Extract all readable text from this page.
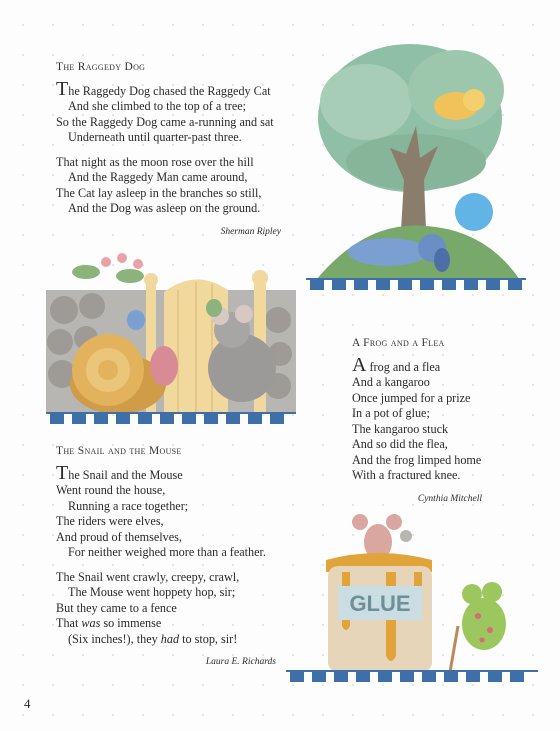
The Raggedy Dog
The Raggedy Dog chased the Raggedy Cat
And she climbed to the top of a tree;
So the Raggedy Dog came a-running and sat
Underneath until quarter-past three.
That night as the moon rose over the hill
And the Raggedy Man came around,
The Cat lay asleep in the branches so still,
And the Dog was asleep on the ground.
Sherman Ripley
A Frog and a Flea
A frog and a flea
And a kangaroo
Once jumped for a prize
In a pot of glue;
The kangaroo stuck
And so did the flea,
And the frog limped home
With a fractured knee.
Cynthia Mitchell
The Snail and the Mouse
The Snail and the Mouse
Went round the house,
Running a race together;
The riders were elves,
And proud of themselves,
For neither weighed more than a feather.
The Snail went crawly, creepy, crawl,
The Mouse went hoppety hop, sir;
But they came to a fence
That was so immense
(Six inches!), they had to stop, sir!
Laura E. Richards
GLUE
4
